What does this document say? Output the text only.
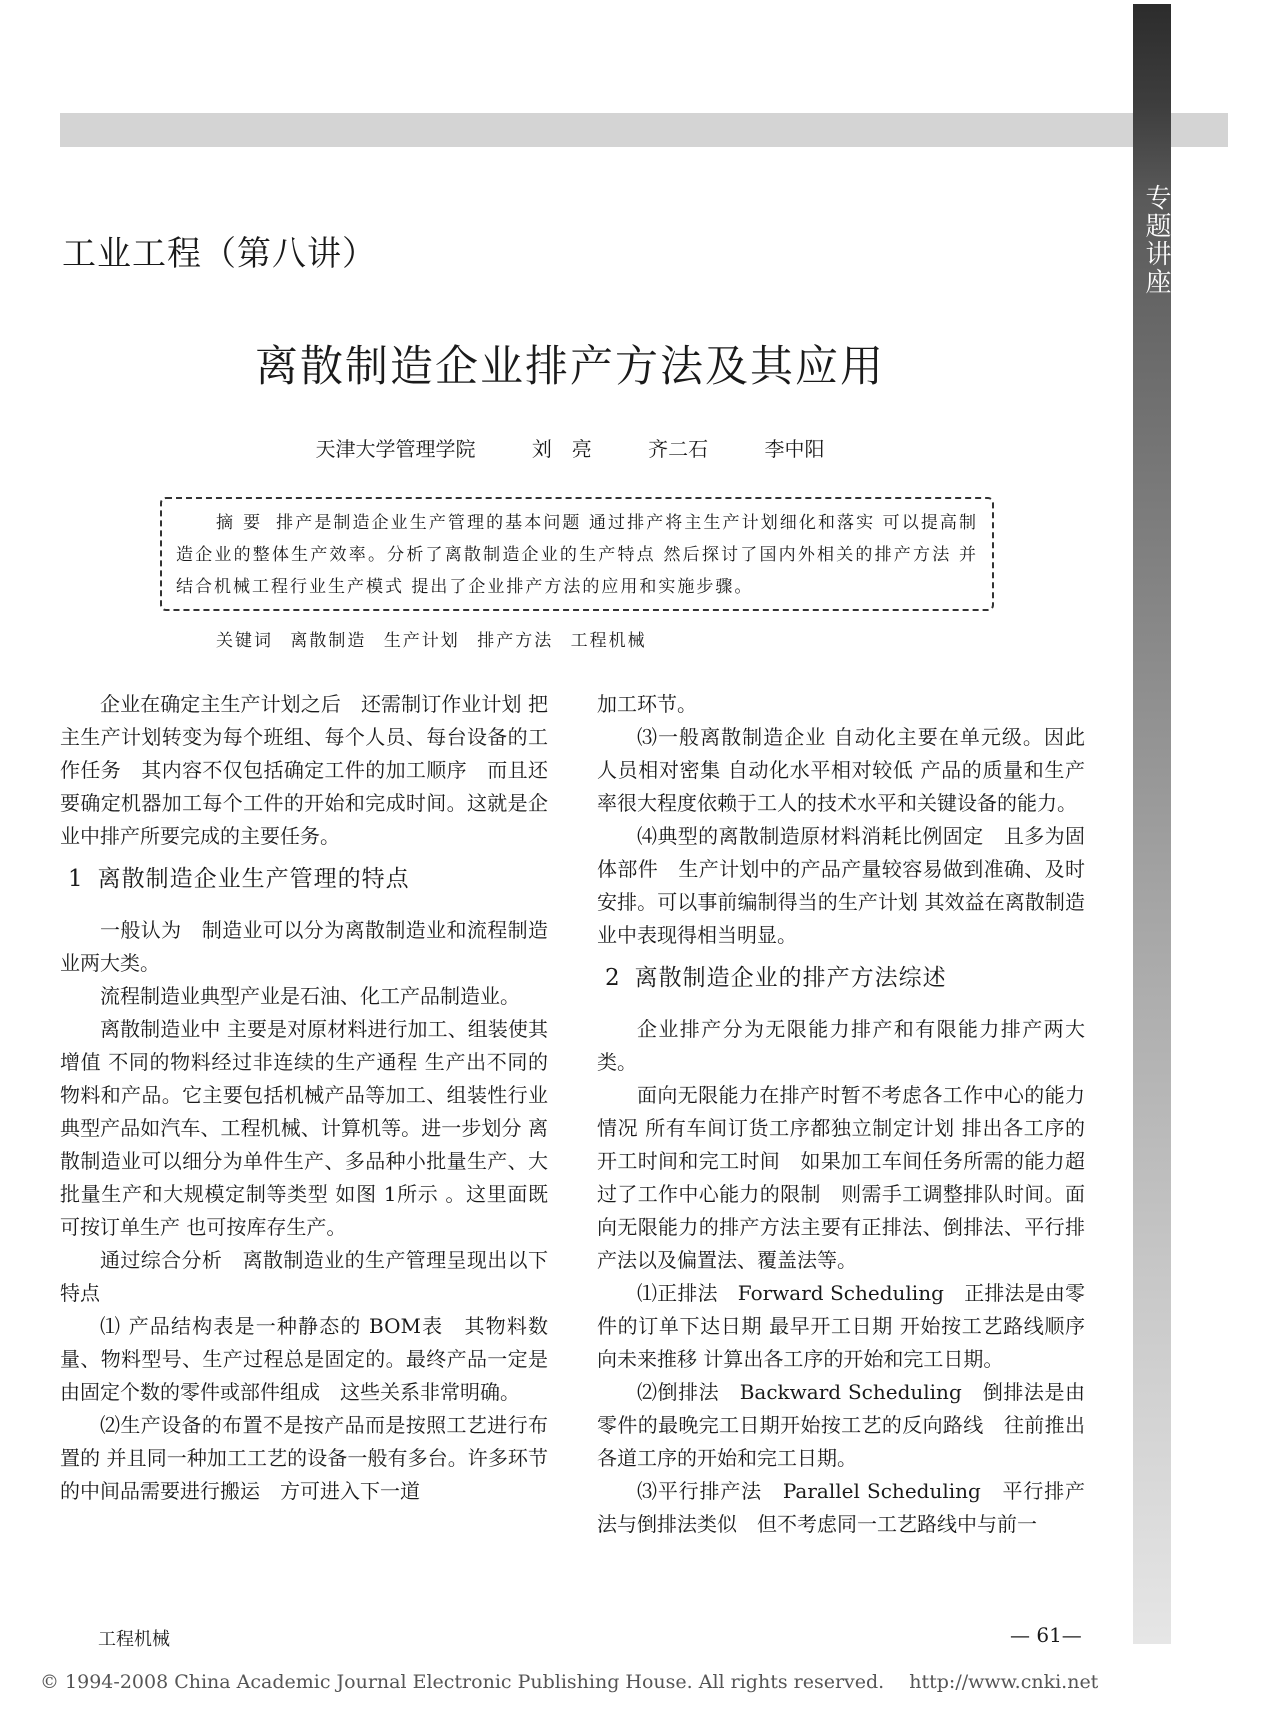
专题讲座
工业工程（第八讲）
离散制造企业排产方法及其应用
天津大学管理学院	刘　亮	齐二石	李中阳
摘要 排产是制造企业生产管理的基本问题 通过排产将主生产计划细化和落实 可以提高制造企业的整体生产效率。分析了离散制造企业的生产特点 然后探讨了国内外相关的排产方法 并结合机械工程行业生产模式 提出了企业排产方法的应用和实施步骤。
关键词 离散制造 生产计划 排产方法 工程机械

企业在确定主生产计划之后　还需制订作业计划 把主生产计划转变为每个班组、每个人员、每台设备的工作任务　其内容不仅包括确定工件的加工顺序　而且还要确定机器加工每个工件的开始和完成时间。这就是企业中排产所要完成的主要任务。

1 离散制造企业生产管理的特点

一般认为　制造业可以分为离散制造业和流程制造业两大类。

流程制造业典型产业是石油、化工产品制造业。

离散制造业中 主要是对原材料进行加工、组装使其增值 不同的物料经过非连续的生产通程 生产出不同的物料和产品。它主要包括机械产品等加工、组装性行业 典型产品如汽车、工程机械、计算机等。进一步划分 离散制造业可以细分为单件生产、多品种小批量生产、大批量生产和大规模定制等类型 如图 1所示 。这里面既可按订单生产 也可按库存生产。

通过综合分析　离散制造业的生产管理呈现出以下特点

⑴ 产品结构表是一种静态的 BOM表　其物料数量、物料型号、生产过程总是固定的。最终产品一定是由固定个数的零件或部件组成　这些关系非常明确。

⑵生产设备的布置不是按产品而是按照工艺进行布置的 并且同一种加工工艺的设备一般有多台。许多环节的中间品需要进行搬运　方可进入下一道

加工环节。

⑶一般离散制造企业 自动化主要在单元级。因此 人员相对密集 自动化水平相对较低 产品的质量和生产率很大程度依赖于工人的技术水平和关键设备的能力。

⑷典型的离散制造原材料消耗比例固定　且多为固体部件　生产计划中的产品产量较容易做到准确、及时安排。可以事前编制得当的生产计划 其效益在离散制造业中表现得相当明显。

2 离散制造企业的排产方法综述

企业排产分为无限能力排产和有限能力排产两大类。

面向无限能力在排产时暂不考虑各工作中心的能力情况 所有车间订货工序都独立制定计划 排出各工序的开工时间和完工时间　如果加工车间任务所需的能力超过了工作中心能力的限制　则需手工调整排队时间。面向无限能力的排产方法主要有正排法、倒排法、平行排产法以及偏置法、覆盖法等。

⑴正排法　Forward Scheduling　正排法是由零件的订单下达日期 最早开工日期 开始按工艺路线顺序向未来推移 计算出各工序的开始和完工日期。

⑵倒排法　Backward Scheduling　倒排法是由零件的最晚完工日期开始按工艺的反向路线　往前推出各道工序的开始和完工日期。

⑶平行排产法　Parallel Scheduling　平行排产法与倒排法类似　但不考虑同一工艺路线中与前一

工程机械	— 61—
© 1994-2008 China Academic Journal Electronic Publishing House. All rights reserved.　 http://www.cnki.net
